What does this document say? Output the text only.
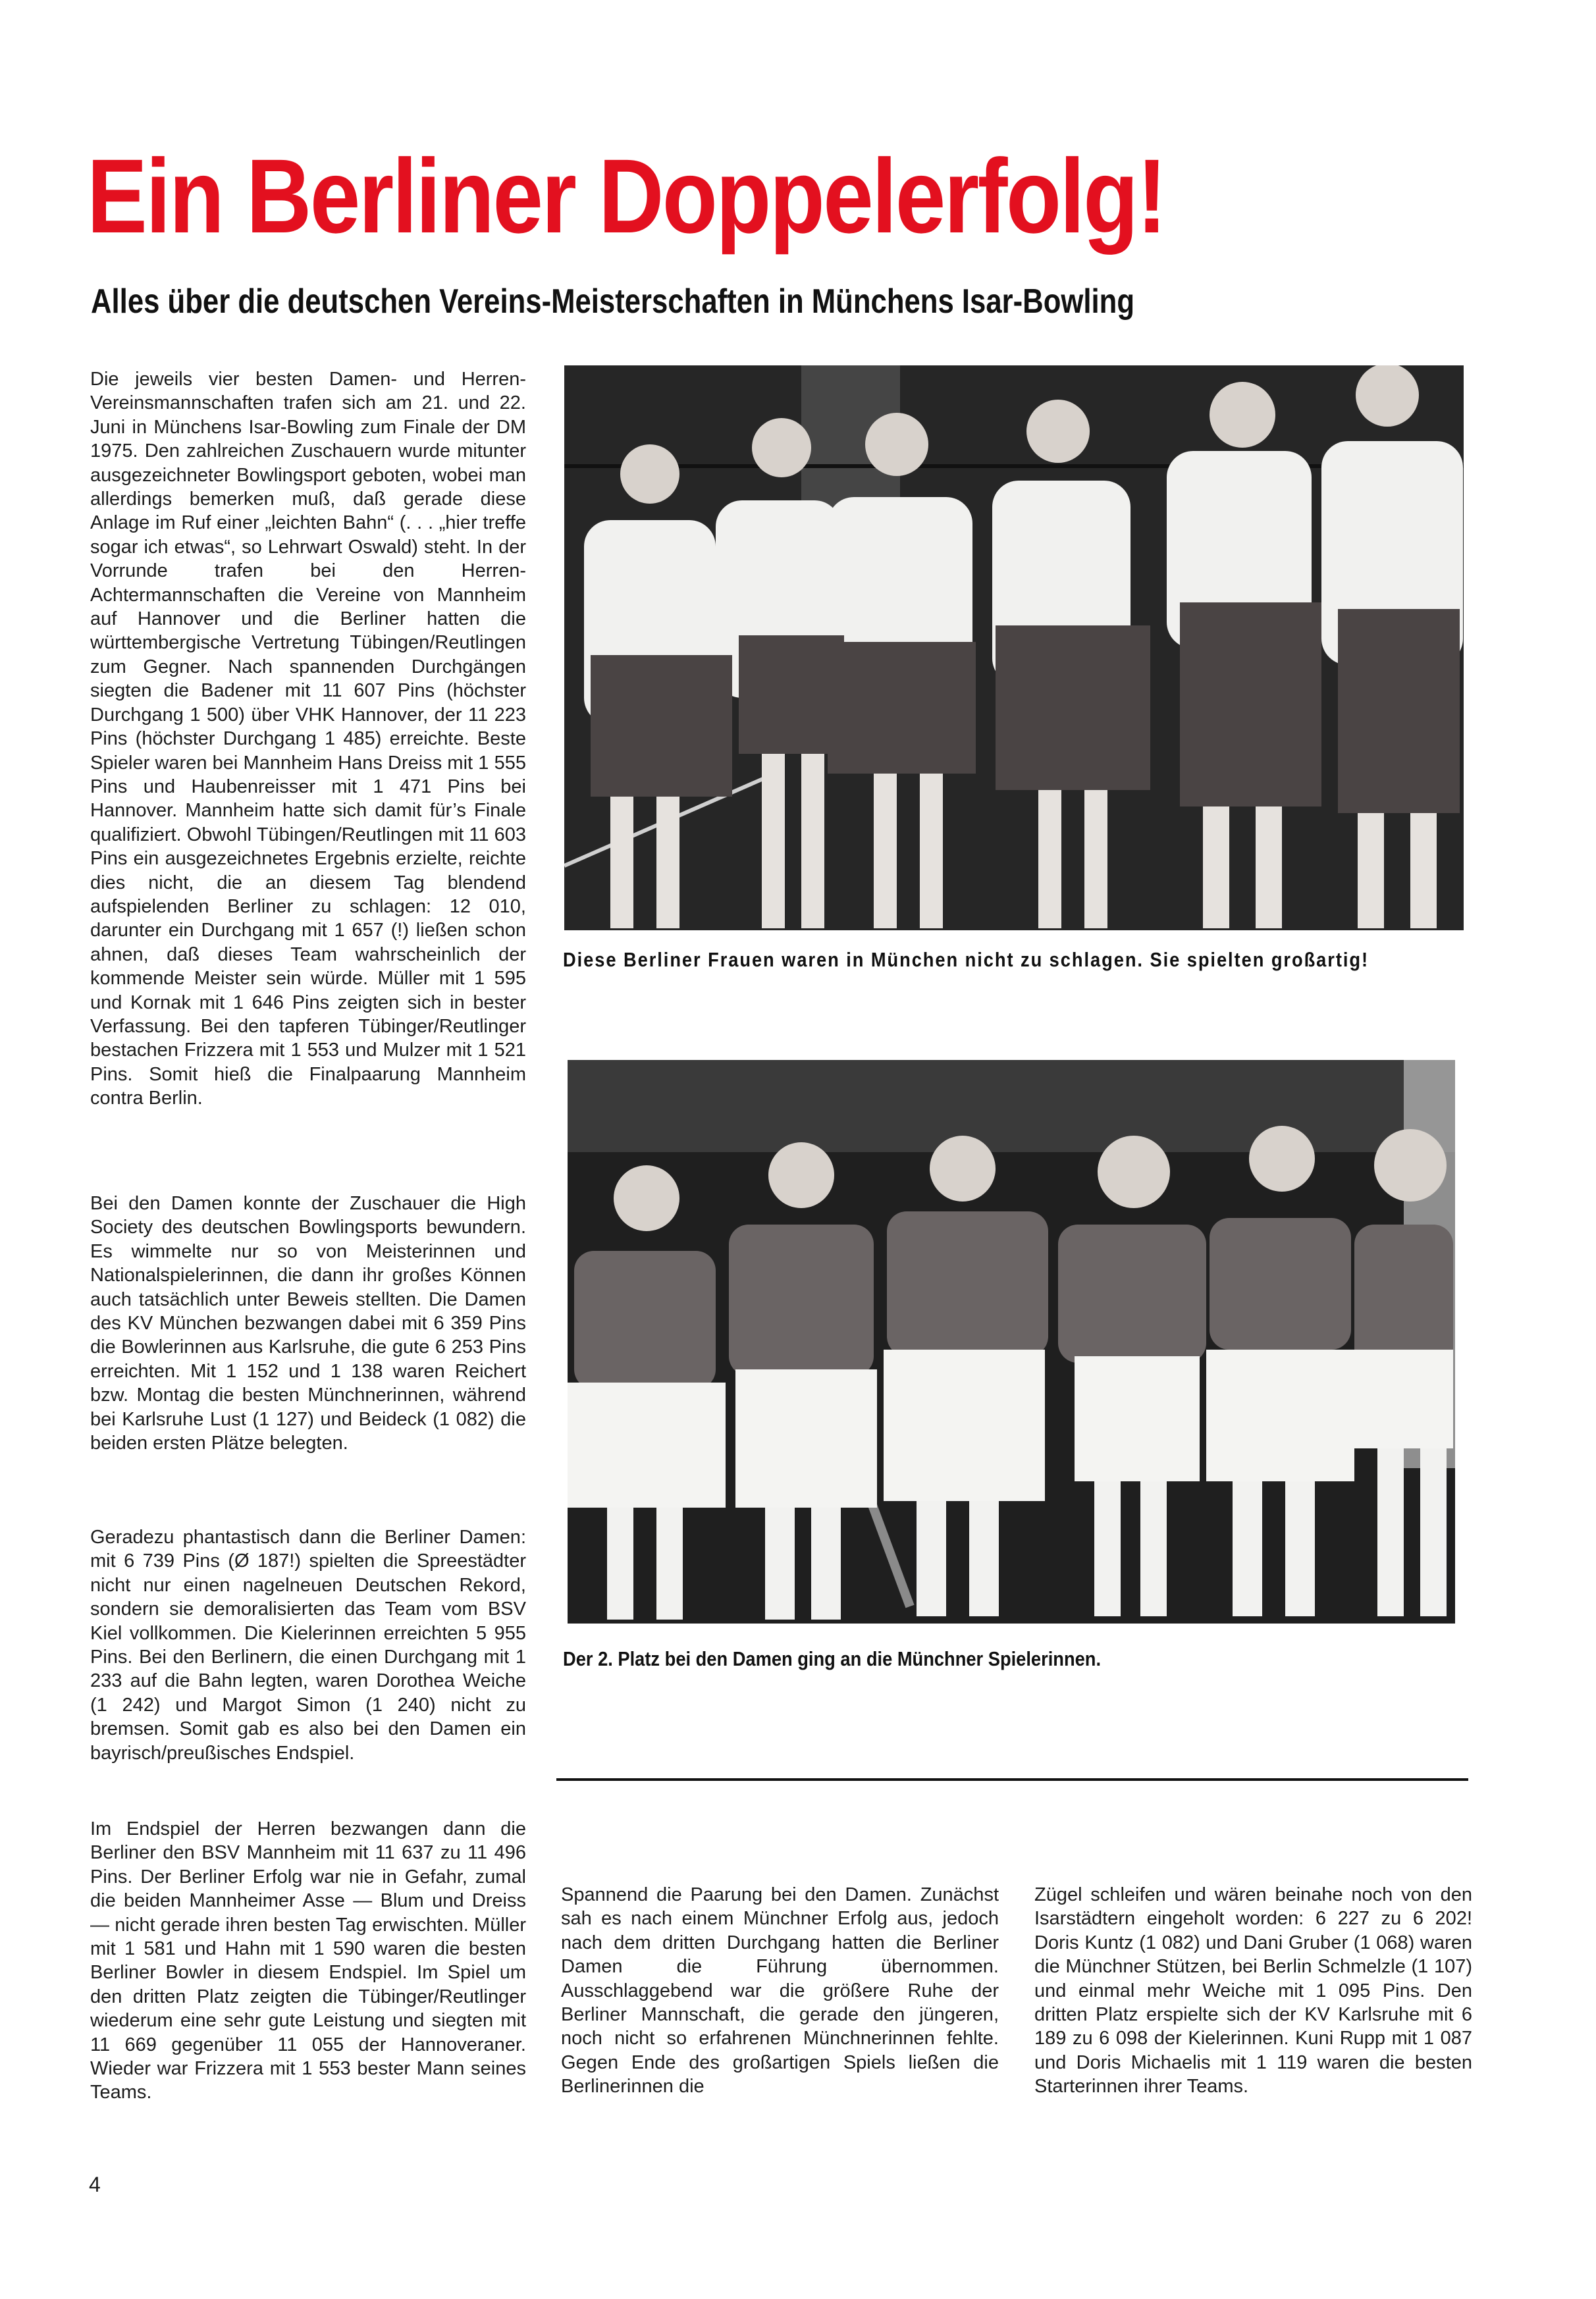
Ein Berliner Doppelerfolg!
Alles über die deutschen Vereins-Meisterschaften in Münchens Isar-Bowling

Die jeweils vier besten Damen- und Herren-Vereinsmannschaften trafen sich am 21. und 22. Juni in Münchens Isar-Bowling zum Finale der DM 1975. Den zahlreichen Zuschauern wurde mitunter ausgezeichneter Bowlingsport geboten, wobei man allerdings bemerken muß, daß gerade diese Anlage im Ruf einer „leichten Bahn“ (. . . „hier treffe sogar ich etwas“, so Lehrwart Oswald) steht. In der Vorrunde trafen bei den Herren-Achtermannschaften die Vereine von Mannheim auf Hannover und die Berliner hatten die württembergische Vertretung Tübingen/Reutlingen zum Gegner. Nach spannenden Durchgängen siegten die Badener mit 11 607 Pins (höchster Durchgang 1 500) über VHK Hannover, der 11 223 Pins (höchster Durchgang 1 485) erreichte. Beste Spieler waren bei Mannheim Hans Dreiss mit 1 555 Pins und Haubenreisser mit 1 471 Pins bei Hannover. Mannheim hatte sich damit für’s Finale qualifiziert. Obwohl Tübingen/Reutlingen mit 11 603 Pins ein ausgezeichnetes Ergebnis erzielte, reichte dies nicht, die an diesem Tag blendend aufspielenden Berliner zu schlagen: 12 010, darunter ein Durchgang mit 1 657 (!) ließen schon ahnen, daß dieses Team wahrscheinlich der kommende Meister sein würde. Müller mit 1 595 und Kornak mit 1 646 Pins zeigten sich in bester Verfassung. Bei den tapferen Tübinger/Reutlinger bestachen Frizzera mit 1 553 und Mulzer mit 1 521 Pins. Somit hieß die Finalpaarung Mannheim contra Berlin.

Bei den Damen konnte der Zuschauer die High Society des deutschen Bowlingsports bewundern. Es wimmelte nur so von Meisterinnen und Nationalspielerinnen, die dann ihr großes Können auch tatsächlich unter Beweis stellten. Die Damen des KV München bezwangen dabei mit 6 359 Pins die Bowlerinnen aus Karlsruhe, die gute 6 253 Pins erreichten. Mit 1 152 und 1 138 waren Reichert bzw. Montag die besten Münchnerinnen, während bei Karlsruhe Lust (1 127) und Beideck (1 082) die beiden ersten Plätze belegten.

Geradezu phantastisch dann die Berliner Damen: mit 6 739 Pins (Ø 187!) spielten die Spreestädter nicht nur einen nagelneuen Deutschen Rekord, sondern sie demoralisierten das Team vom BSV Kiel vollkommen. Die Kielerinnen erreichten 5 955 Pins. Bei den Berlinern, die einen Durchgang mit 1 233 auf die Bahn legten, waren Dorothea Weiche (1 242) und Margot Simon (1 240) nicht zu bremsen. Somit gab es also bei den Damen ein bayrisch/preußisches Endspiel.

Im Endspiel der Herren bezwangen dann die Berliner den BSV Mannheim mit 11 637 zu 11 496 Pins. Der Berliner Erfolg war nie in Gefahr, zumal die beiden Mannheimer Asse — Blum und Dreiss — nicht gerade ihren besten Tag erwischten. Müller mit 1 581 und Hahn mit 1 590 waren die besten Berliner Bowler in diesem Endspiel. Im Spiel um den dritten Platz zeigten die Tübinger/Reutlinger wiederum eine sehr gute Leistung und siegten mit 11 669 gegenüber 11 055 der Hannoveraner. Wieder war Frizzera mit 1 553 bester Mann seines Teams.

Diese Berliner Frauen waren in München nicht zu schlagen. Sie spielten großartig!
Der 2. Platz bei den Damen ging an die Münchner Spielerinnen.

Spannend die Paarung bei den Damen. Zunächst sah es nach einem Münchner Erfolg aus, jedoch nach dem dritten Durchgang hatten die Berliner Damen die Führung übernommen. Ausschlaggebend war die größere Ruhe der Berliner Mannschaft, die gerade den jüngeren, noch nicht so erfahrenen Münchnerinnen fehlte. Gegen Ende des großartigen Spiels ließen die Berlinerinnen die

Zügel schleifen und wären beinahe noch von den Isarstädtern eingeholt worden: 6 227 zu 6 202! Doris Kuntz (1 082) und Dani Gruber (1 068) waren die Münchner Stützen, bei Berlin Schmelzle (1 107) und einmal mehr Weiche mit 1 095 Pins. Den dritten Platz erspielte sich der KV Karlsruhe mit 6 189 zu 6 098 der Kielerinnen. Kuni Rupp mit 1 087 und Doris Michaelis mit 1 119 waren die besten Starterinnen ihrer Teams.

4
